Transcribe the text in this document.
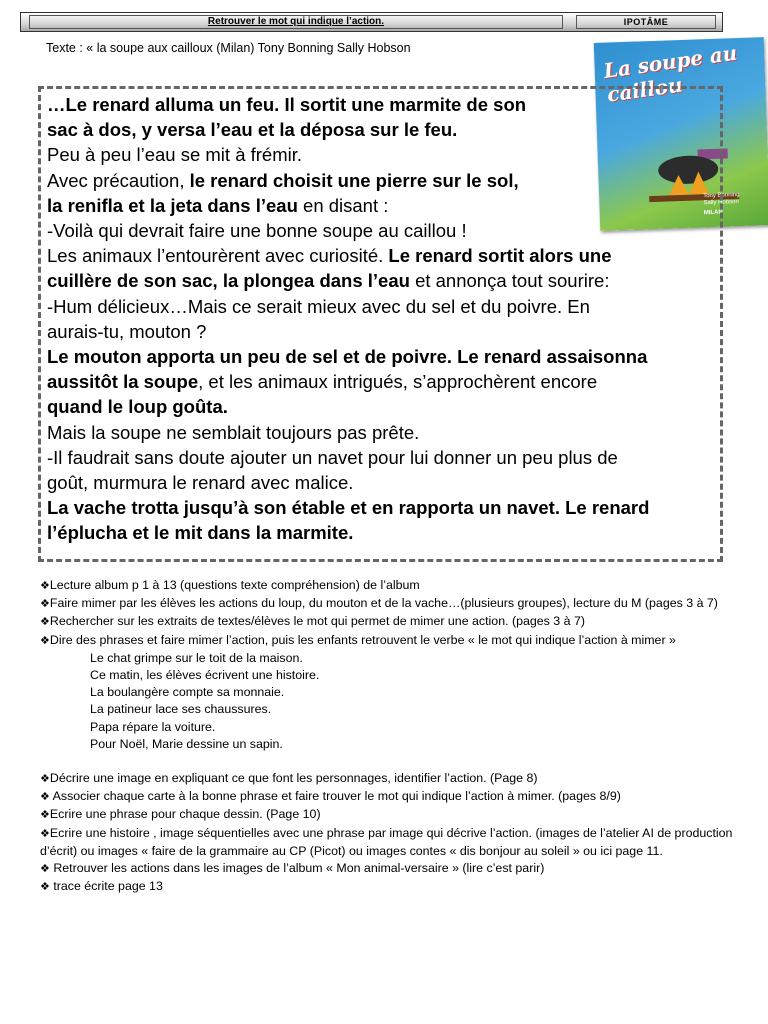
Retrouver le mot qui indique l’action.	IPOTÂME
Texte : « la soupe aux cailloux (Milan) Tony Bonning Sally Hobson	La soupe au caillou
Tony Bonning
Sally Hobson
MILAN
…Le renard alluma un feu. Il sortit une marmite de son
sac à dos, y versa l’eau et la déposa sur le feu.
Peu à peu l’eau se mit à frémir.
Avec précaution, le renard choisit une pierre sur le sol,
la renifla et la jeta dans l’eau en disant :
-Voilà qui devrait faire une bonne soupe au caillou !
Les animaux l’entourèrent avec curiosité. Le renard sortit alors une
cuillère de son sac, la plongea dans l’eau et annonça tout sourire:
-Hum délicieux…Mais ce serait mieux avec du sel et du poivre. En
aurais-tu, mouton ?
Le mouton apporta un peu de sel et de poivre. Le renard assaisonna
aussitôt la soupe, et les animaux intrigués, s’approchèrent encore
quand le loup goûta.
Mais la soupe ne semblait toujours pas prête.
-Il faudrait sans doute ajouter un navet pour lui donner un peu plus de
goût, murmura le renard avec malice.
La vache trotta jusqu’à son étable et en rapporta un navet. Le renard
l’éplucha et le mit dans la marmite.
❖Lecture album p 1 à 13 (questions texte compréhension) de l’album
❖Faire mimer par les élèves les actions du loup, du mouton et de la vache…(plusieurs groupes), lecture du M (pages 3 à 7)
❖Rechercher sur les extraits de textes/élèves le mot qui permet de mimer une action. (pages 3 à 7)
❖Dire des phrases et faire mimer l’action, puis les enfants retrouvent le verbe « le mot qui indique l’action à mimer »
Le chat grimpe sur le toit de la maison.
Ce matin, les élèves écrivent une histoire.
La boulangère compte sa monnaie.
La patineur lace ses chaussures.
Papa répare la voiture.
Pour Noël, Marie dessine un sapin.
❖Décrire une image en expliquant ce que font les personnages, identifier l’action. (Page 8)
❖ Associer chaque carte à la bonne phrase et faire trouver le mot qui indique l’action à mimer. (pages 8/9)
❖Ecrire une phrase pour chaque dessin. (Page 10)
❖Ecrire une histoire , image séquentielles avec une phrase par image qui décrive l’action. (images de l’atelier AI de production d’écrit) ou images « faire de la grammaire au CP (Picot) ou images contes « dis bonjour au soleil » ou ici page 11.
❖ Retrouver les actions dans les images de l’album « Mon animal-versaire » (lire c’est parir)
❖ trace écrite page 13
